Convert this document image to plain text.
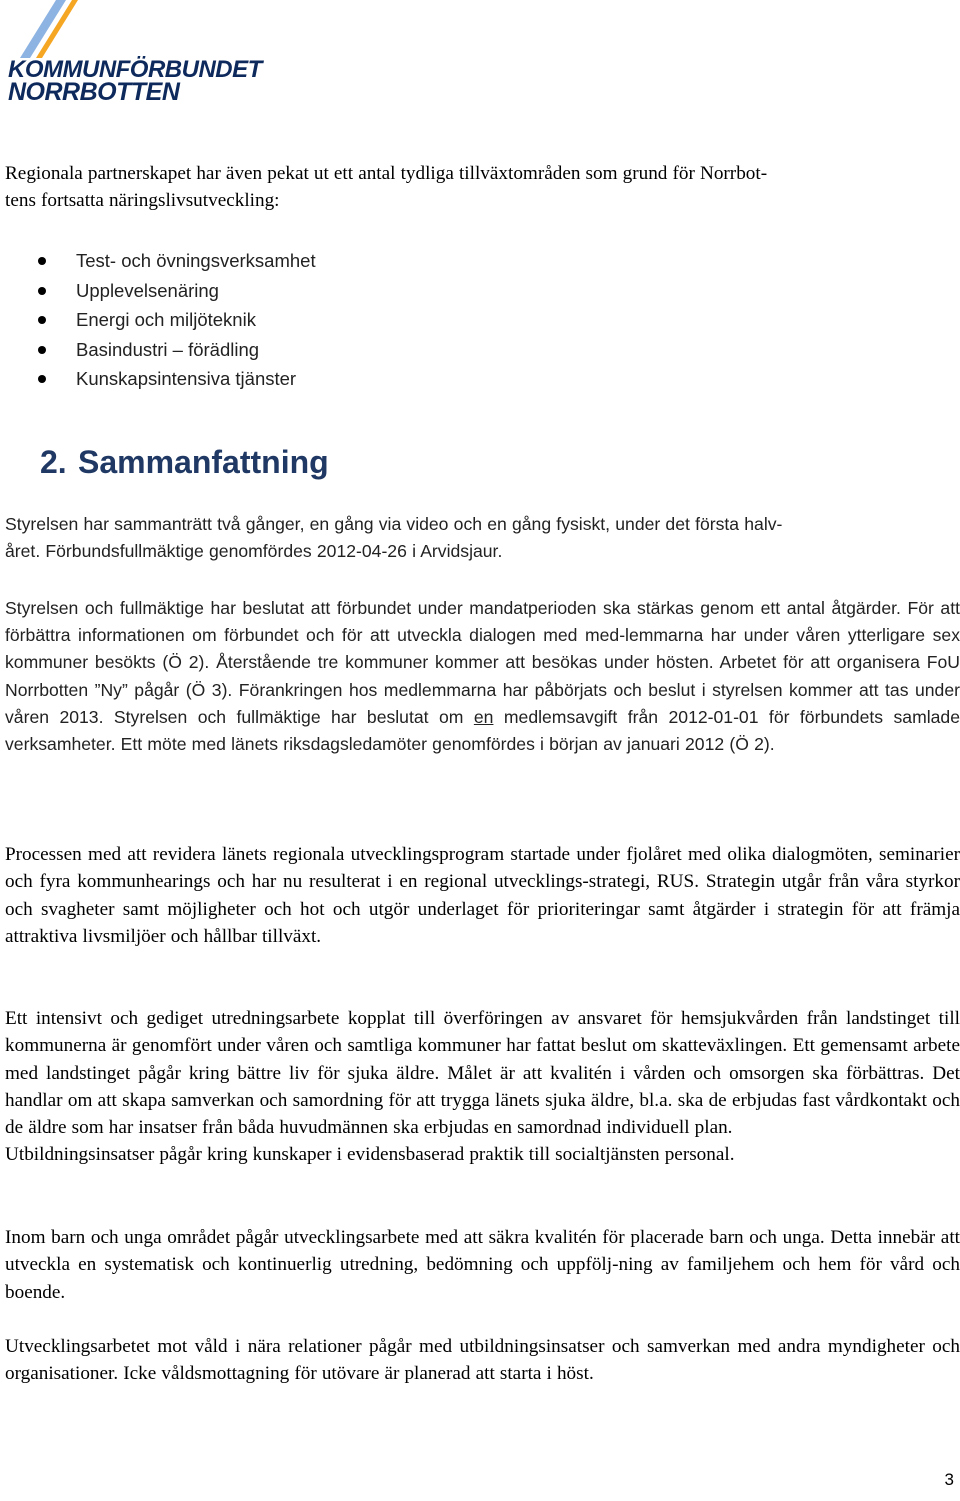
KOMMUNFÖRBUNDET
NORRBOTTEN

Regionala partnerskapet har även pekat ut ett antal tydliga tillväxtområden som grund för Norrbot-
tens fortsatta näringslivsutveckling:

Test- och övningsverksamhet
Upplevelsenäring
Energi och miljöteknik
Basindustri – förädling
Kunskapsintensiva tjänster
2. Sammanfattning

Styrelsen har sammanträtt två gånger, en gång via video och en gång fysiskt, under det första halv-
året. Förbundsfullmäktige genomfördes 2012-04-26 i Arvidsjaur.

Styrelsen och fullmäktige har beslutat att förbundet under mandatperioden ska stärkas genom ett antal åtgärder. För att förbättra informationen om förbundet och för att utveckla dialogen med med-lemmarna har under våren ytterligare sex kommuner besökts (Ö 2). Återstående tre kommuner kommer att besökas under hösten. Arbetet för att organisera FoU Norrbotten ”Ny” pågår (Ö 3). Förankringen hos medlemmarna har påbörjats och beslut i styrelsen kommer att tas under våren 2013. Styrelsen och fullmäktige har beslutat om en medlemsavgift från 2012-01-01 för förbundets samlade verksamheter. Ett möte med länets riksdagsledamöter genomfördes i början av januari 2012 (Ö 2).

Processen med att revidera länets regionala utvecklingsprogram startade under fjolåret med olika dialogmöten, seminarier och fyra kommunhearings och har nu resulterat i en regional utvecklings-strategi, RUS. Strategin utgår från våra styrkor och svagheter samt möjligheter och hot och utgör underlaget för prioriteringar samt åtgärder i strategin för att främja attraktiva livsmiljöer och hållbar tillväxt.

Ett intensivt och gediget utredningsarbete kopplat till överföringen av ansvaret för hemsjukvården från landstinget till kommunerna är genomfört under våren och samtliga kommuner har fattat beslut om skatteväxlingen. Ett gemensamt arbete med landstinget pågår kring bättre liv för sjuka äldre. Målet är att kvalitén i vården och omsorgen ska förbättras. Det handlar om att skapa samverkan och samordning för att trygga länets sjuka äldre, bl.a. ska de erbjudas fast vårdkontakt och de äldre som har insatser från båda huvudmännen ska erbjudas en samordnad individuell plan.
Utbildningsinsatser pågår kring kunskaper i evidensbaserad praktik till socialtjänsten personal.

Inom barn och unga området pågår utvecklingsarbete med att säkra kvalitén för placerade barn och unga. Detta innebär att utveckla en systematisk och kontinuerlig utredning, bedömning och uppfölj-ning av familjehem och hem för vård och boende.

Utvecklingsarbetet mot våld i nära relationer pågår med utbildningsinsatser och samverkan med andra myndigheter och organisationer. Icke våldsmottagning för utövare är planerad att starta i höst.

3
